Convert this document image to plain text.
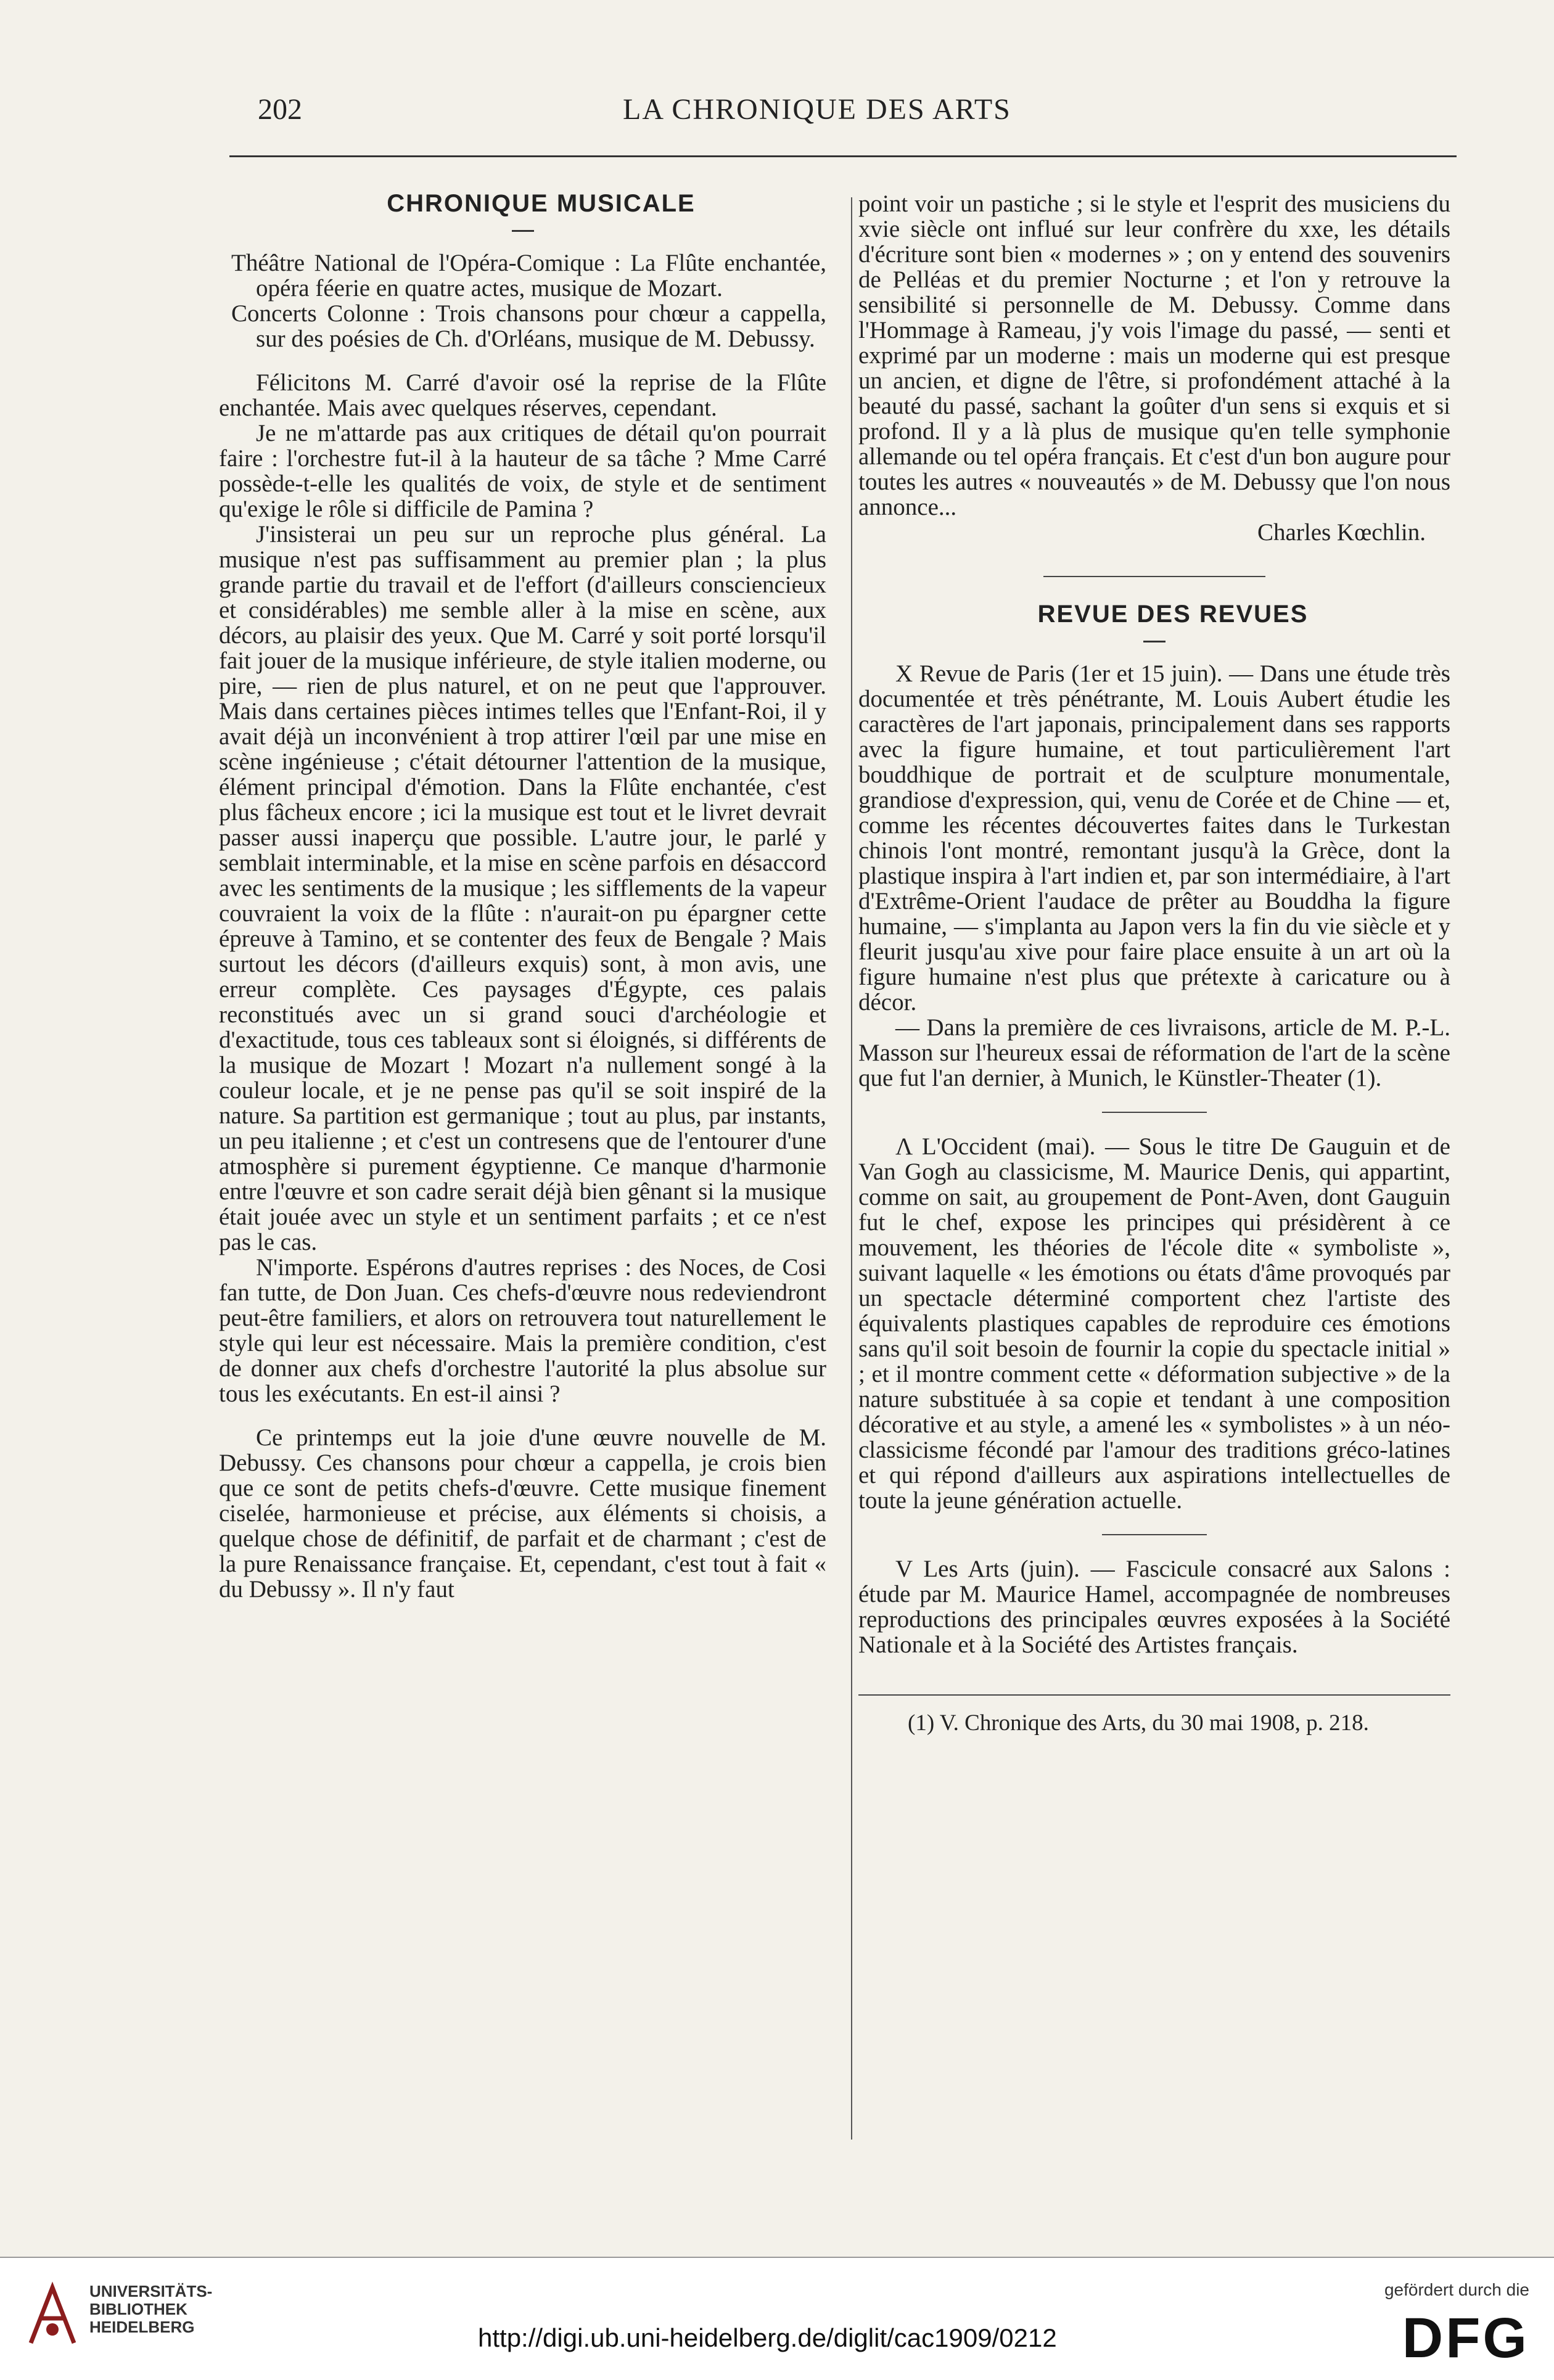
202	LA CHRONIQUE DES ARTS

CHRONIQUE MUSICALE

Théâtre National de l'Opéra-Comique : La Flûte enchantée, opéra féerie en quatre actes, musique de Mozart.

Concerts Colonne : Trois chansons pour chœur a cappella, sur des poésies de Ch. d'Orléans, musique de M. Debussy.

Félicitons M. Carré d'avoir osé la reprise de la Flûte enchantée. Mais avec quelques réserves, cependant.

Je ne m'attarde pas aux critiques de détail qu'on pourrait faire : l'orchestre fut-il à la hauteur de sa tâche ? Mme Carré possède-t-elle les qualités de voix, de style et de sentiment qu'exige le rôle si difficile de Pamina ?

J'insisterai un peu sur un reproche plus général. La musique n'est pas suffisamment au premier plan ; la plus grande partie du travail et de l'effort (d'ailleurs consciencieux et considérables) me semble aller à la mise en scène, aux décors, au plaisir des yeux. Que M. Carré y soit porté lorsqu'il fait jouer de la musique inférieure, de style italien moderne, ou pire, — rien de plus naturel, et on ne peut que l'approuver. Mais dans certaines pièces intimes telles que l'Enfant-Roi, il y avait déjà un inconvénient à trop attirer l'œil par une mise en scène ingénieuse ; c'était détourner l'attention de la musique, élément principal d'émotion. Dans la Flûte enchantée, c'est plus fâcheux encore ; ici la musique est tout et le livret devrait passer aussi inaperçu que possible. L'autre jour, le parlé y semblait interminable, et la mise en scène parfois en désaccord avec les sentiments de la musique ; les sifflements de la vapeur couvraient la voix de la flûte : n'aurait-on pu épargner cette épreuve à Tamino, et se contenter des feux de Bengale ? Mais surtout les décors (d'ailleurs exquis) sont, à mon avis, une erreur complète. Ces paysages d'Égypte, ces palais reconstitués avec un si grand souci d'archéologie et d'exactitude, tous ces tableaux sont si éloignés, si différents de la musique de Mozart ! Mozart n'a nullement songé à la couleur locale, et je ne pense pas qu'il se soit inspiré de la nature. Sa partition est germanique ; tout au plus, par instants, un peu italienne ; et c'est un contresens que de l'entourer d'une atmosphère si purement égyptienne. Ce manque d'harmonie entre l'œuvre et son cadre serait déjà bien gênant si la musique était jouée avec un style et un sentiment parfaits ; et ce n'est pas le cas.

N'importe. Espérons d'autres reprises : des Noces, de Cosi fan tutte, de Don Juan. Ces chefs-d'œuvre nous redeviendront peut-être familiers, et alors on retrouvera tout naturellement le style qui leur est nécessaire. Mais la première condition, c'est de donner aux chefs d'orchestre l'autorité la plus absolue sur tous les exécutants. En est-il ainsi ?

Ce printemps eut la joie d'une œuvre nouvelle de M. Debussy. Ces chansons pour chœur a cappella, je crois bien que ce sont de petits chefs-d'œuvre. Cette musique finement ciselée, harmonieuse et précise, aux éléments si choisis, a quelque chose de définitif, de parfait et de charmant ; c'est de la pure Renaissance française. Et, cependant, c'est tout à fait « du Debussy ». Il n'y faut

point voir un pastiche ; si le style et l'esprit des musiciens du xvie siècle ont influé sur leur confrère du xxe, les détails d'écriture sont bien « modernes » ; on y entend des souvenirs de Pelléas et du premier Nocturne ; et l'on y retrouve la sensibilité si personnelle de M. Debussy. Comme dans l'Hommage à Rameau, j'y vois l'image du passé, — senti et exprimé par un moderne : mais un moderne qui est presque un ancien, et digne de l'être, si profondément attaché à la beauté du passé, sachant la goûter d'un sens si exquis et si profond. Il y a là plus de musique qu'en telle symphonie allemande ou tel opéra français. Et c'est d'un bon augure pour toutes les autres « nouveautés » de M. Debussy que l'on nous annonce...

Charles Kœchlin.

REVUE DES REVUES

X Revue de Paris (1er et 15 juin). — Dans une étude très documentée et très pénétrante, M. Louis Aubert étudie les caractères de l'art japonais, principalement dans ses rapports avec la figure humaine, et tout particulièrement l'art bouddhique de portrait et de sculpture monumentale, grandiose d'expression, qui, venu de Corée et de Chine — et, comme les récentes découvertes faites dans le Turkestan chinois l'ont montré, remontant jusqu'à la Grèce, dont la plastique inspira à l'art indien et, par son intermédiaire, à l'art d'Extrême-Orient l'audace de prêter au Bouddha la figure humaine, — s'implanta au Japon vers la fin du vie siècle et y fleurit jusqu'au xive pour faire place ensuite à un art où la figure humaine n'est plus que prétexte à caricature ou à décor.

— Dans la première de ces livraisons, article de M. P.-L. Masson sur l'heureux essai de réformation de l'art de la scène que fut l'an dernier, à Munich, le Künstler-Theater (1).

Λ L'Occident (mai). — Sous le titre De Gauguin et de Van Gogh au classicisme, M. Maurice Denis, qui appartint, comme on sait, au groupement de Pont-Aven, dont Gauguin fut le chef, expose les principes qui présidèrent à ce mouvement, les théories de l'école dite « symboliste », suivant laquelle « les émotions ou états d'âme provoqués par un spectacle déterminé comportent chez l'artiste des équivalents plastiques capables de reproduire ces émotions sans qu'il soit besoin de fournir la copie du spectacle initial » ; et il montre comment cette « déformation subjective » de la nature substituée à sa copie et tendant à une composition décorative et au style, a amené les « symbolistes » à un néo-classicisme fécondé par l'amour des traditions gréco-latines et qui répond d'ailleurs aux aspirations intellectuelles de toute la jeune génération actuelle.

V Les Arts (juin). — Fascicule consacré aux Salons : étude par M. Maurice Hamel, accompagnée de nombreuses reproductions des principales œuvres exposées à la Société Nationale et à la Société des Artistes français.

(1) V. Chronique des Arts, du 30 mai 1908, p. 218.

UNIVERSITÄTS-
BIBLIOTHEK
HEIDELBERG	http://digi.ub.uni-heidelberg.de/diglit/cac1909/0212
gefördert durch die
DFG
